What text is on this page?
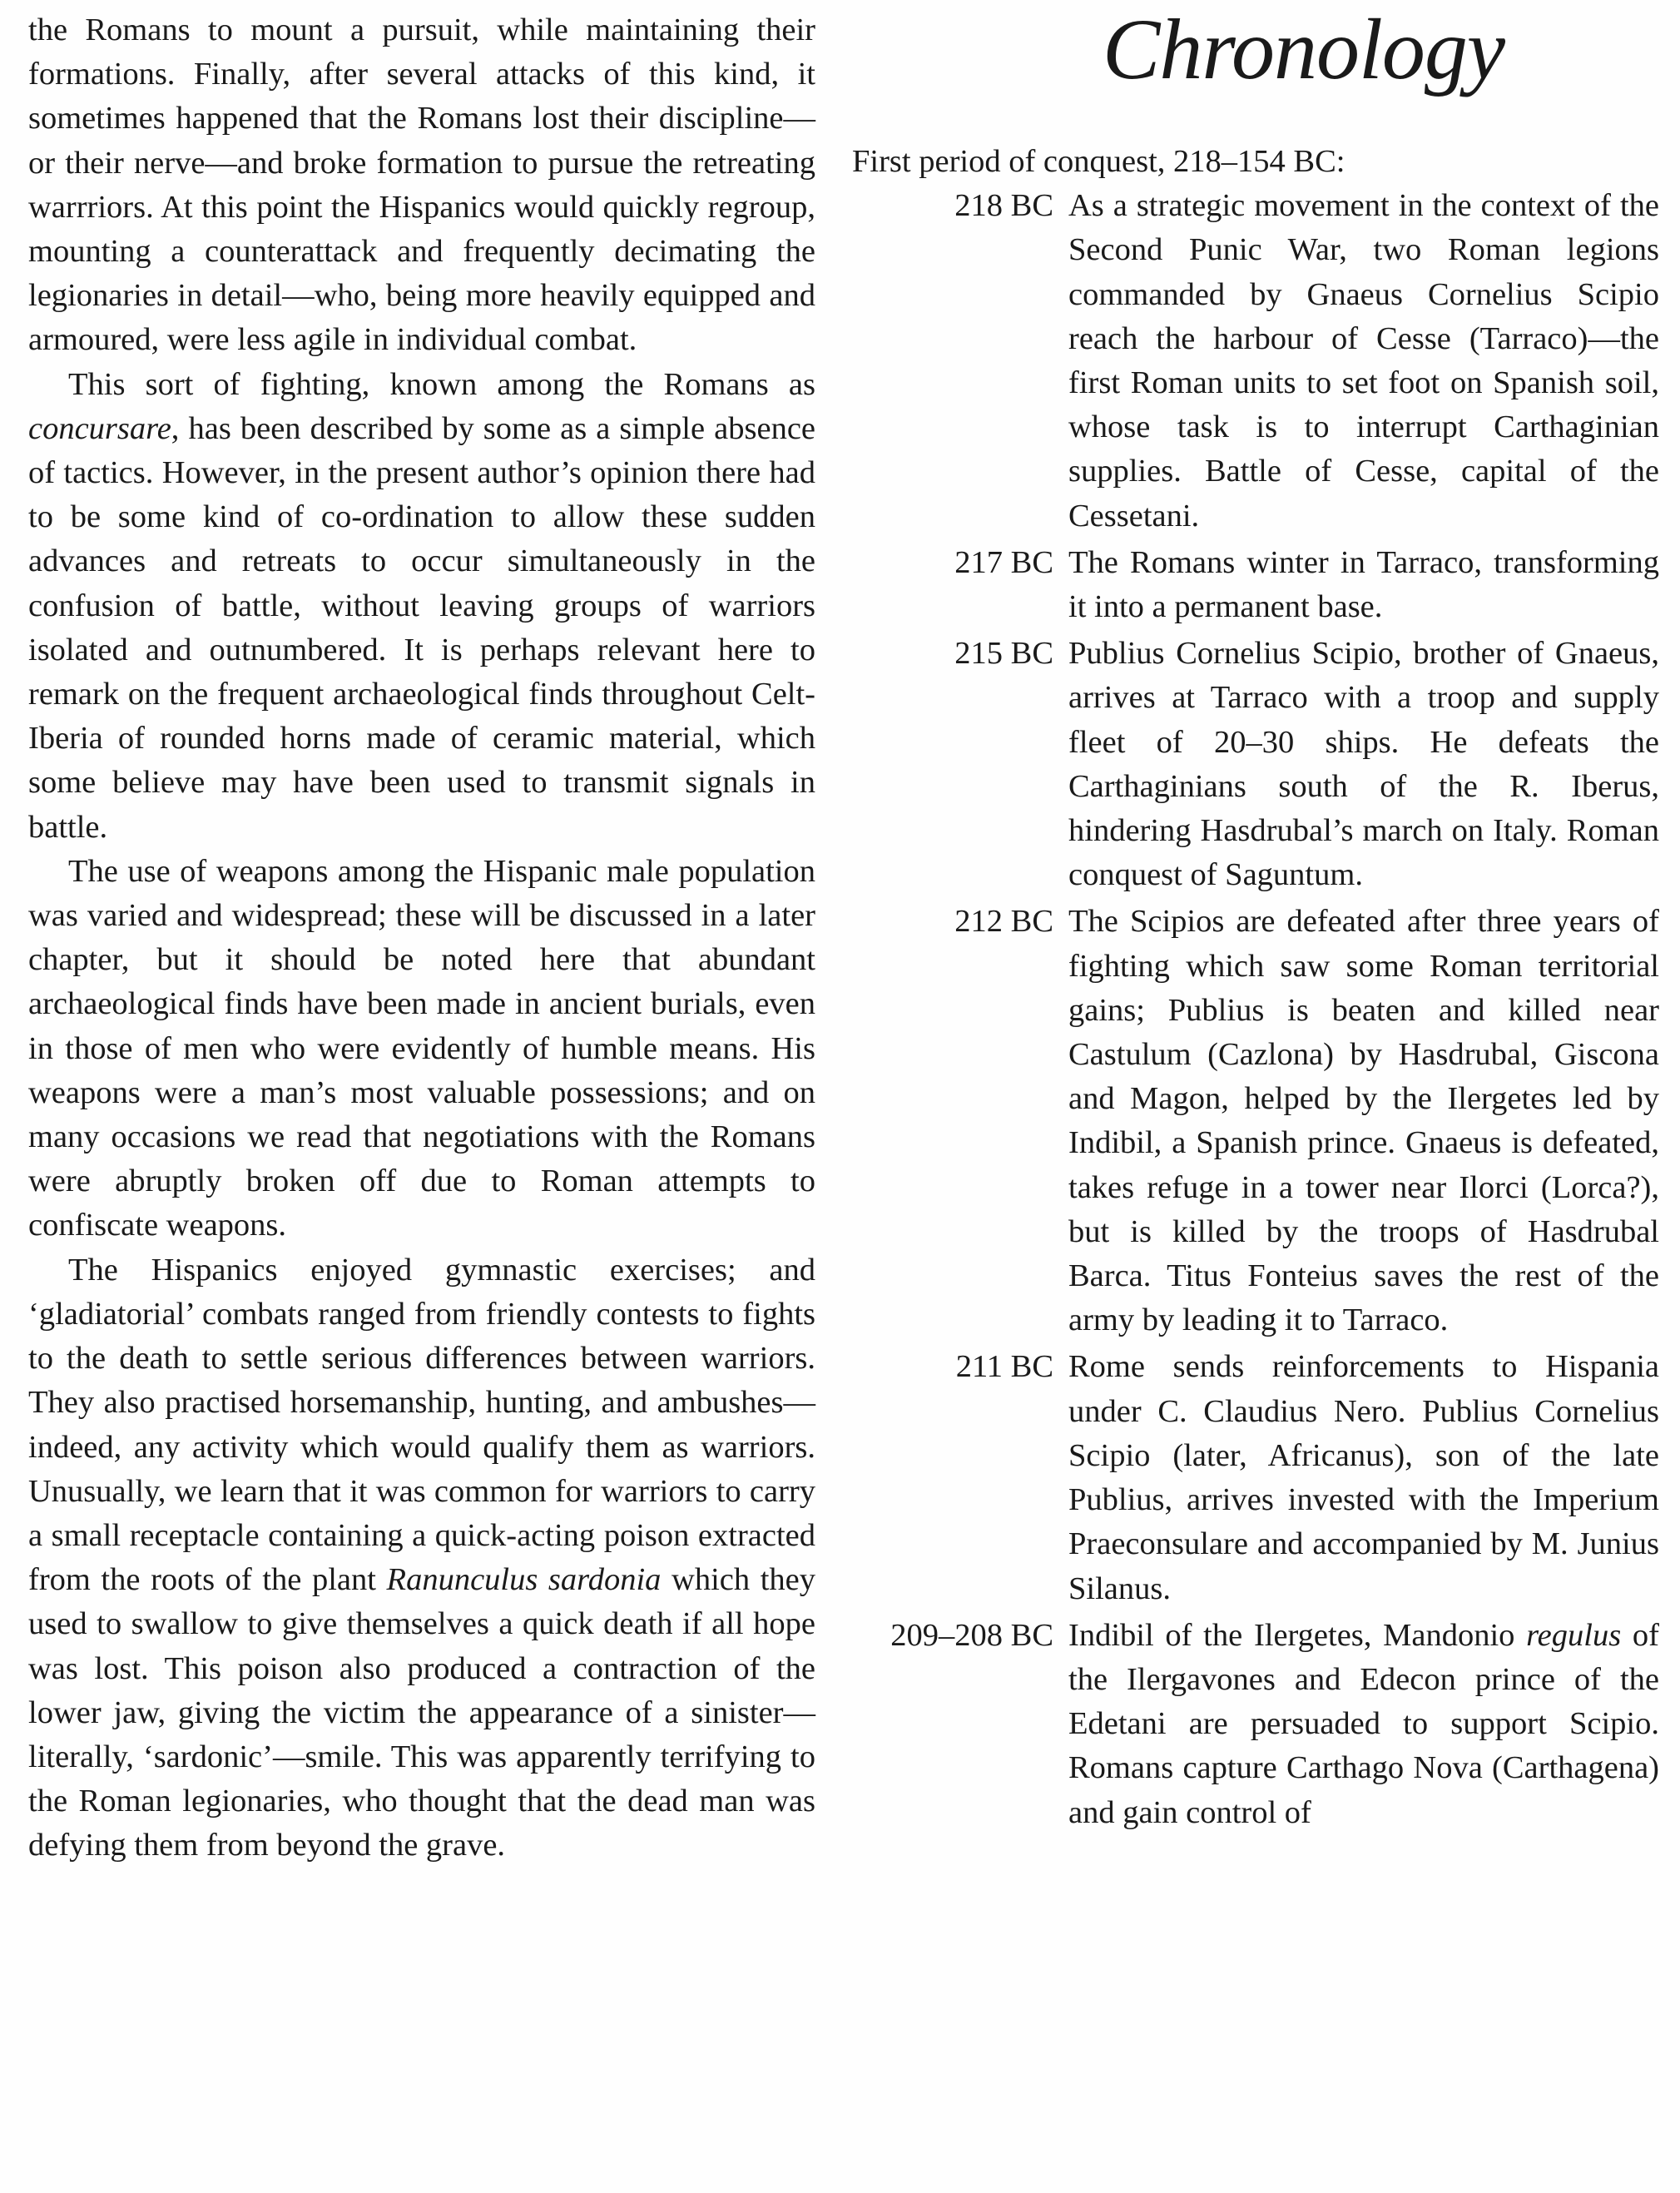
the Romans to mount a pursuit, while maintaining their formations. Finally, after several attacks of this kind, it sometimes happened that the Romans lost their discipline—or their nerve—and broke formation to pursue the retreating warrriors. At this point the Hispanics would quickly regroup, mounting a counterattack and frequently decimating the legionaries in detail—who, being more heavily equipped and armoured, were less agile in individual combat.

This sort of fighting, known among the Romans as concursare, has been described by some as a simple absence of tactics. However, in the present author’s opinion there had to be some kind of co-ordination to allow these sudden advances and retreats to occur simultaneously in the confusion of battle, without leaving groups of warriors isolated and outnumbered. It is perhaps relevant here to remark on the frequent archaeological finds throughout Celt-Iberia of rounded horns made of ceramic material, which some believe may have been used to transmit signals in battle.

The use of weapons among the Hispanic male population was varied and widespread; these will be discussed in a later chapter, but it should be noted here that abundant archaeological finds have been made in ancient burials, even in those of men who were evidently of humble means. His weapons were a man’s most valuable possessions; and on many occasions we read that negotiations with the Romans were abruptly broken off due to Roman attempts to confiscate weapons.

The Hispanics enjoyed gymnastic exercises; and ‘gladiatorial’ combats ranged from friendly contests to fights to the death to settle serious differences between warriors. They also practised horsemanship, hunting, and ambushes—indeed, any activity which would qualify them as warriors. Unusually, we learn that it was common for warriors to carry a small receptacle containing a quick-acting poison extracted from the roots of the plant Ranunculus sardonia which they used to swallow to give themselves a quick death if all hope was lost. This poison also produced a contraction of the lower jaw, giving the victim the appearance of a sinister—literally, ‘sardonic’—smile. This was apparently terrifying to the Roman legionaries, who thought that the dead man was defying them from beyond the grave.

Chronology
First period of conquest, 218–154 BC:
218 BC As a strategic movement in the context of the Second Punic War, two Roman legions commanded by Gnaeus Cornelius Scipio reach the harbour of Cesse (Tarraco)—the first Roman units to set foot on Spanish soil, whose task is to interrupt Carthaginian supplies. Battle of Cesse, capital of the Cessetani.
217 BC The Romans winter in Tarraco, transforming it into a permanent base.
215 BC Publius Cornelius Scipio, brother of Gnaeus, arrives at Tarraco with a troop and supply fleet of 20–30 ships. He defeats the Carthaginians south of the R. Iberus, hindering Hasdrubal’s march on Italy. Roman conquest of Saguntum.
212 BC The Scipios are defeated after three years of fighting which saw some Roman territorial gains; Publius is beaten and killed near Castulum (Cazlona) by Hasdrubal, Giscona and Magon, helped by the Ilergetes led by Indibil, a Spanish prince. Gnaeus is defeated, takes refuge in a tower near Ilorci (Lorca?), but is killed by the troops of Hasdrubal Barca. Titus Fonteius saves the rest of the army by leading it to Tarraco.
211 BC Rome sends reinforcements to Hispania under C. Claudius Nero. Publius Cornelius Scipio (later, Africanus), son of the late Publius, arrives invested with the Imperium Praeconsulare and accompanied by M. Junius Silanus.
209–208 BC Indibil of the Ilergetes, Mandonio regulus of the Ilergavones and Edecon prince of the Edetani are persuaded to support Scipio. Romans capture Carthago Nova (Carthagena) and gain control of
